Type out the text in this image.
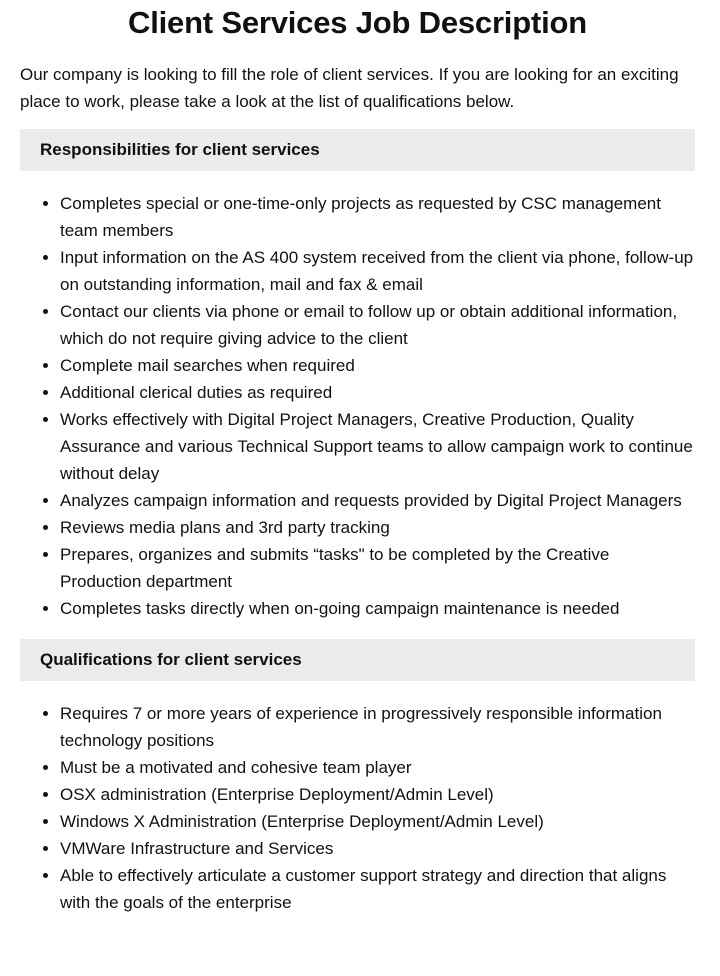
Client Services Job Description

Our company is looking to fill the role of client services. If you are looking for an exciting place to work, please take a look at the list of qualifications below.

Responsibilities for client services
• Completes special or one-time-only projects as requested by CSC management team members
• Input information on the AS 400 system received from the client via phone, follow-up on outstanding information, mail and fax & email
• Contact our clients via phone or email to follow up or obtain additional information, which do not require giving advice to the client
• Complete mail searches when required
• Additional clerical duties as required
• Works effectively with Digital Project Managers, Creative Production, Quality Assurance and various Technical Support teams to allow campaign work to continue without delay
• Analyzes campaign information and requests provided by Digital Project Managers
• Reviews media plans and 3rd party tracking
• Prepares, organizes and submits “tasks" to be completed by the Creative Production department
• Completes tasks directly when on-going campaign maintenance is needed
Qualifications for client services
• Requires 7 or more years of experience in progressively responsible information technology positions
• Must be a motivated and cohesive team player
• OSX administration (Enterprise Deployment/Admin Level)
• Windows X Administration (Enterprise Deployment/Admin Level)
• VMWare Infrastructure and Services
• Able to effectively articulate a customer support strategy and direction that aligns with the goals of the enterprise
